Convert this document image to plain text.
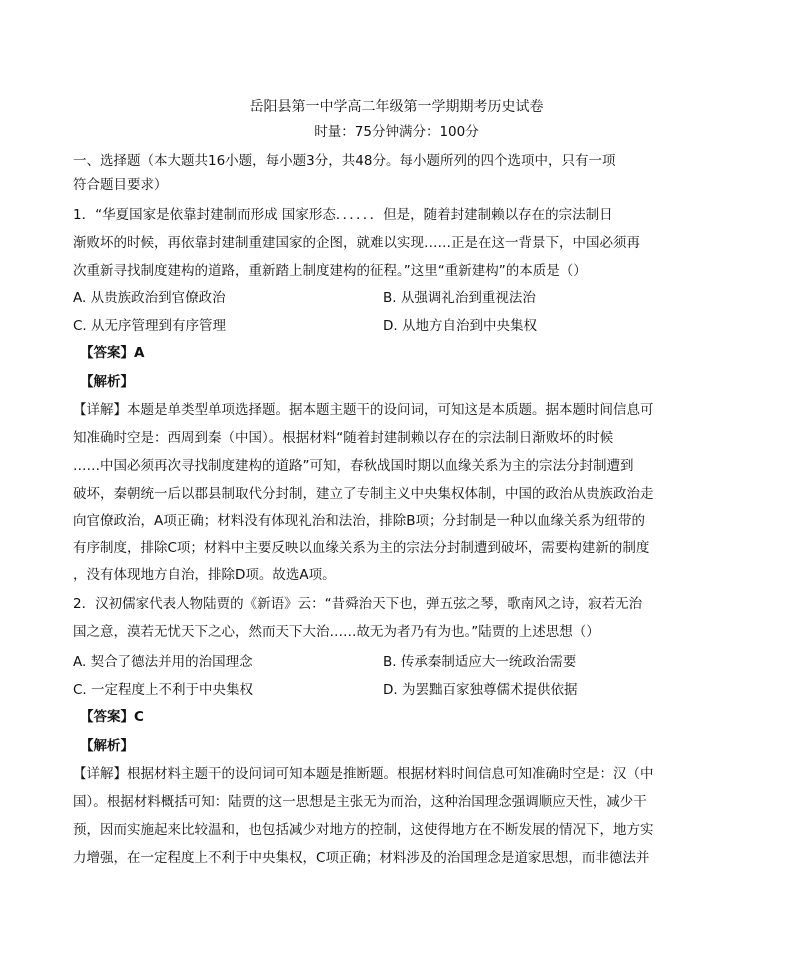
岳阳县第一中学高二年级第一学期期考历史试卷
时量：75分钟满分：100分
一、选择题（本大题共16小题，每小题3分，共48分。每小题所列的四个选项中，只有一项
符合题目要求）
1．“华夏国家是依靠封建制而形成 国家形态．．．．．．但是，随着封建制赖以存在的宗法制日
渐败坏的时候，再依靠封建制重建国家的企图，就难以实现……正是在这一背景下，中国必须再
次重新寻找制度建构的道路，重新踏上制度建构的征程。”这里“重新建构”的本质是（）
A. 从贵族政治到官僚政治	B. 从强调礼治到重视法治
C. 从无序管理到有序管理	D. 从地方自治到中央集权
【答案】A
【解析】
【详解】本题是单类型单项选择题。据本题主题干的设问词，可知这是本质题。据本题时间信息可
知准确时空是：西周到秦（中国）。根据材料“随着封建制赖以存在的宗法制日渐败坏的时候
……中国必须再次寻找制度建构的道路”可知，春秋战国时期以血缘关系为主的宗法分封制遭到
破坏，秦朝统一后以郡县制取代分封制，建立了专制主义中央集权体制，中国的政治从贵族政治走
向官僚政治，A项正确；材料没有体现礼治和法治，排除B项；分封制是一种以血缘关系为纽带的
有序制度，排除C项；材料中主要反映以血缘关系为主的宗法分封制遭到破坏，需要构建新的制度
，没有体现地方自治，排除D项。故选A项。
2．汉初儒家代表人物陆贾的《新语》云：“昔舜治天下也，弹五弦之琴，歌南风之诗，寂若无治
国之意，漠若无忧天下之心，然而天下大治……故无为者乃有为也。”陆贾的上述思想（）
A. 契合了德法并用的治国理念	B. 传承秦制适应大一统政治需要
C. 一定程度上不利于中央集权	D. 为罢黜百家独尊儒术提供依据
【答案】C
【解析】
【详解】根据材料主题干的设问词可知本题是推断题。根据材料时间信息可知准确时空是：汉（中
国）。根据材料概括可知：陆贾的这一思想是主张无为而治，这种治国理念强调顺应天性，减少干
预，因而实施起来比较温和，也包括减少对地方的控制，这使得地方在不断发展的情况下，地方实
力增强，在一定程度上不利于中央集权，C项正确；材料涉及的治国理念是道家思想，而非德法并
